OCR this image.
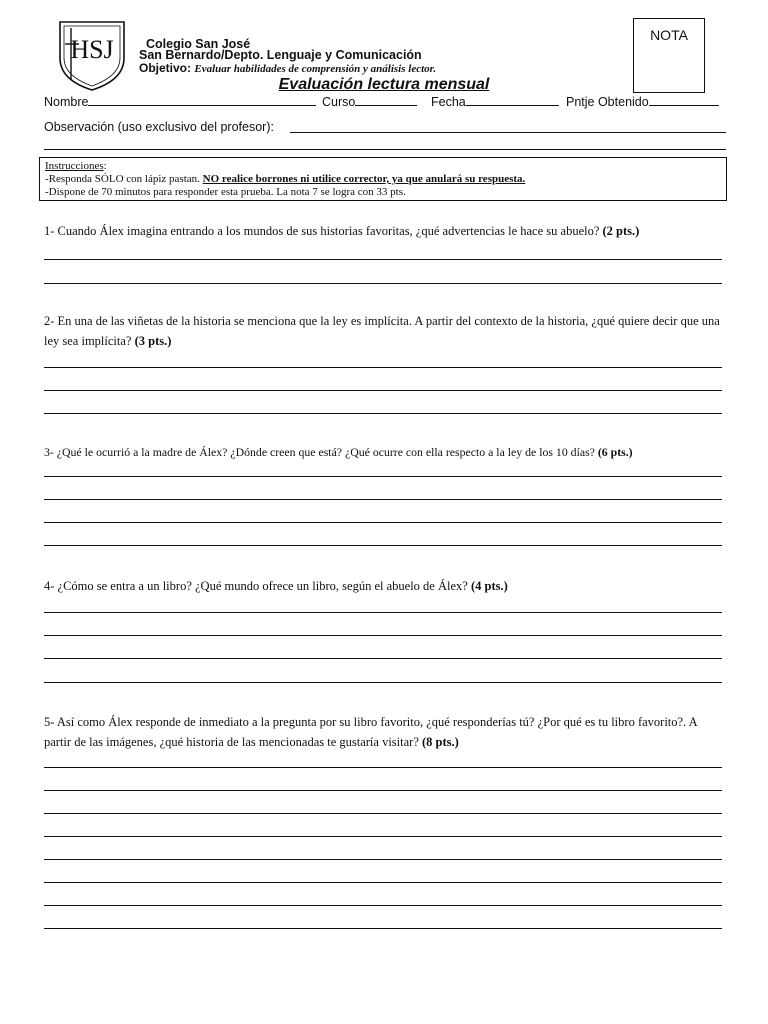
HSJ	Colegio San José
San Bernardo/Depto. Lenguaje y Comunicación
Objetivo: Evaluar habilidades de comprensión y análisis lector.
NOTA
Evaluación lectura mensual
Nombre	Curso	Fecha	Pntje Obtenido
Observación (uso exclusivo del profesor):
Instrucciones:
-Responda SÓLO con lápiz pastan. NO realice borrones ni utilice corrector, ya que anulará su respuesta.
-Dispone de 70 minutos para responder esta prueba. La nota 7 se logra con 33 pts.
1- Cuando Álex imagina entrando a los mundos de sus historias favoritas, ¿qué advertencias le hace su abuelo? (2 pts.)
2- En una de las viñetas de la historia se menciona que la ley es implícita. A partir del contexto de la historia, ¿qué quiere decir que una ley sea implícita? (3 pts.)
3- ¿Qué le ocurrió a la madre de Álex? ¿Dónde creen que está? ¿Qué ocurre con ella respecto a la ley de los 10 días? (6 pts.)
4- ¿Cómo se entra a un libro? ¿Qué mundo ofrece un libro, según el abuelo de Álex? (4 pts.)
5- Así como Álex responde de inmediato a la pregunta por su libro favorito, ¿qué responderías tú? ¿Por qué es tu libro favorito?. A partir de las imágenes, ¿qué historia de las mencionadas te gustaría visitar? (8 pts.)
